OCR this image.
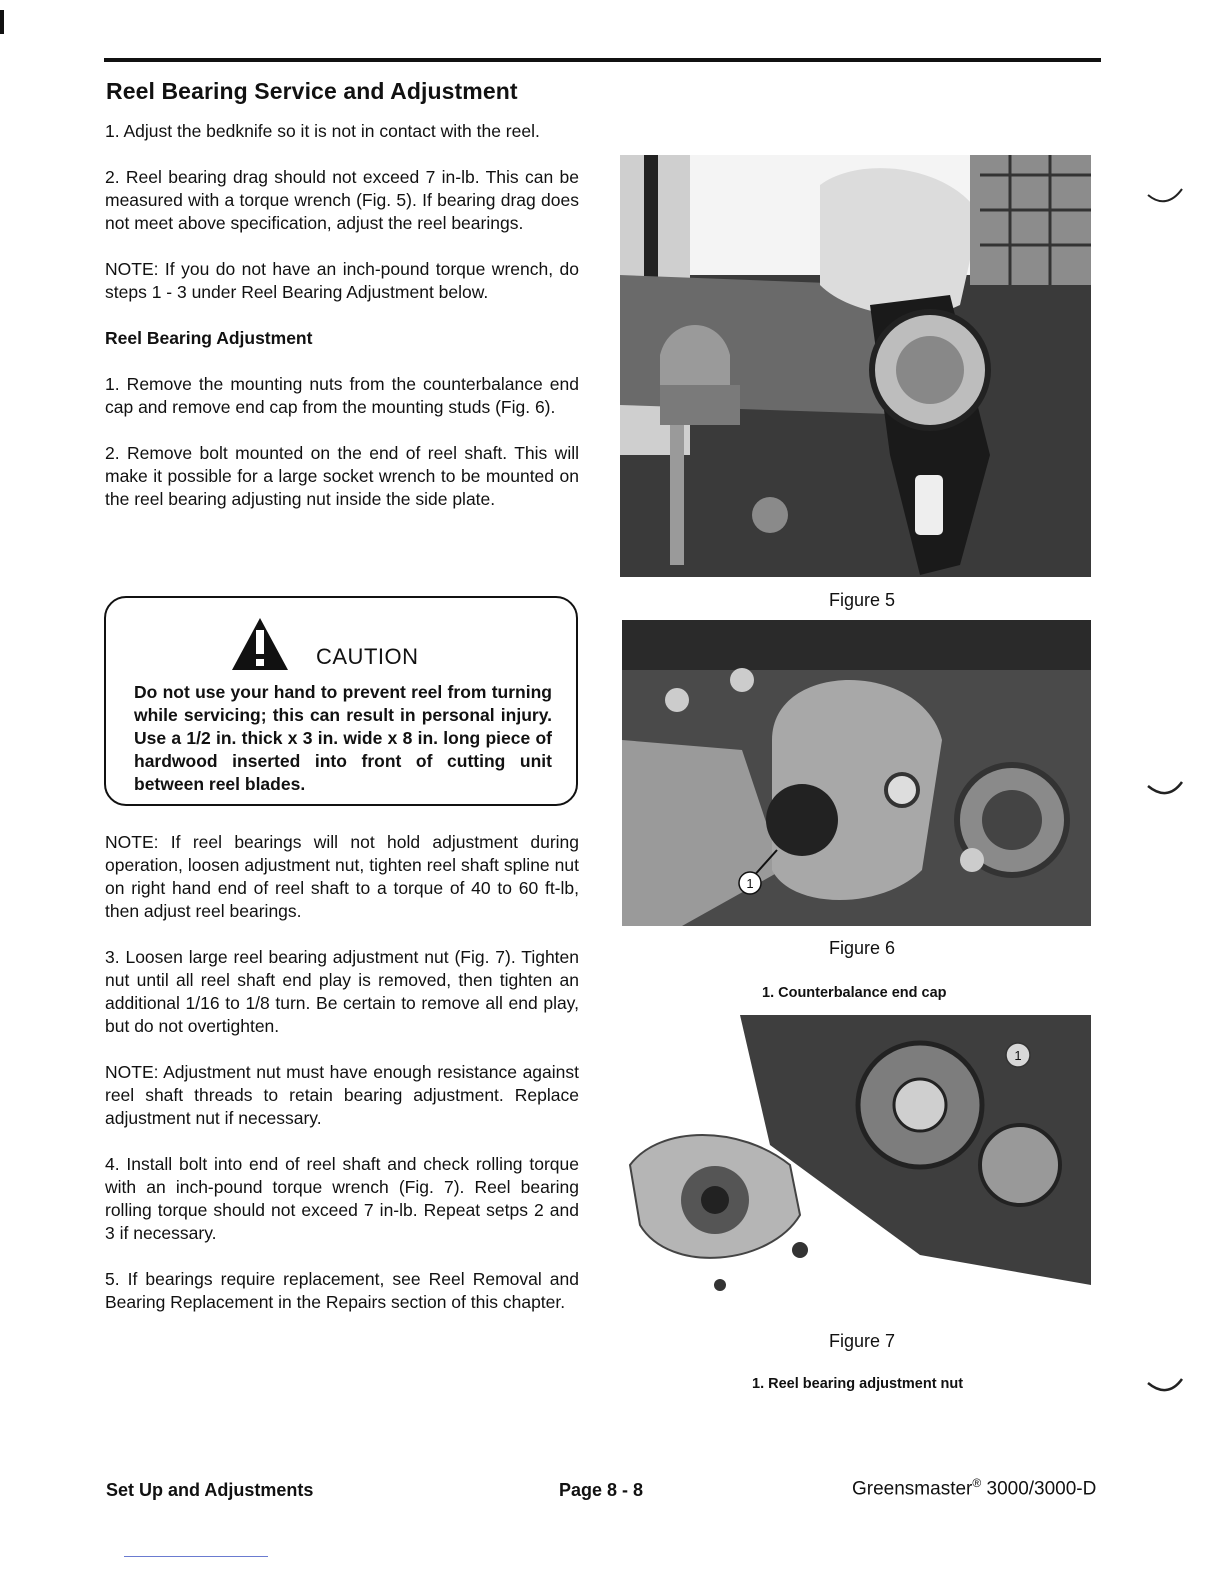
Reel Bearing Service and Adjustment

1. Adjust the bedknife so it is not in contact with the reel.

2. Reel bearing drag should not exceed 7 in-lb. This can be measured with a torque wrench (Fig. 5). If bearing drag does not meet above specification, adjust the reel bearings.

NOTE: If you do not have an inch-pound torque wrench, do steps 1 - 3 under Reel Bearing Adjustment below.

Reel Bearing Adjustment

1. Remove the mounting nuts from the counterbalance end cap and remove end cap from the mounting studs (Fig. 6).

2. Remove bolt mounted on the end of reel shaft. This will make it possible for a large socket wrench to be mounted on the reel bearing adjusting nut inside the side plate.

CAUTION
Do not use your hand to prevent reel from turning while servicing; this can result in personal injury. Use a 1/2 in. thick x 3 in. wide x 8 in. long piece of hardwood inserted into front of cutting unit between reel blades.

NOTE: If reel bearings will not hold adjustment during operation, loosen adjustment nut, tighten reel shaft spline nut on right hand end of reel shaft to a torque of 40 to 60 ft-lb, then adjust reel bearings.

3. Loosen large reel bearing adjustment nut (Fig. 7). Tighten nut until all reel shaft end play is removed, then tighten an additional 1/16 to 1/8 turn. Be certain to remove all end play, but do not overtighten.

NOTE: Adjustment nut must have enough resistance against reel shaft threads to retain bearing adjustment. Replace adjustment nut if necessary.

4. Install bolt into end of reel shaft and check rolling torque with an inch-pound torque wrench (Fig. 7). Reel bearing rolling torque should not exceed 7 in-lb. Repeat setps 2 and 3 if necessary.

5. If bearings require replacement, see Reel Removal and Bearing Replacement in the Repairs section of this chapter.

Figure 5
1
Figure 6
1. Counterbalance end cap
1
Figure 7
1. Reel bearing adjustment nut
Set Up and Adjustments	Page 8 - 8	Greensmaster® 3000/3000-D
